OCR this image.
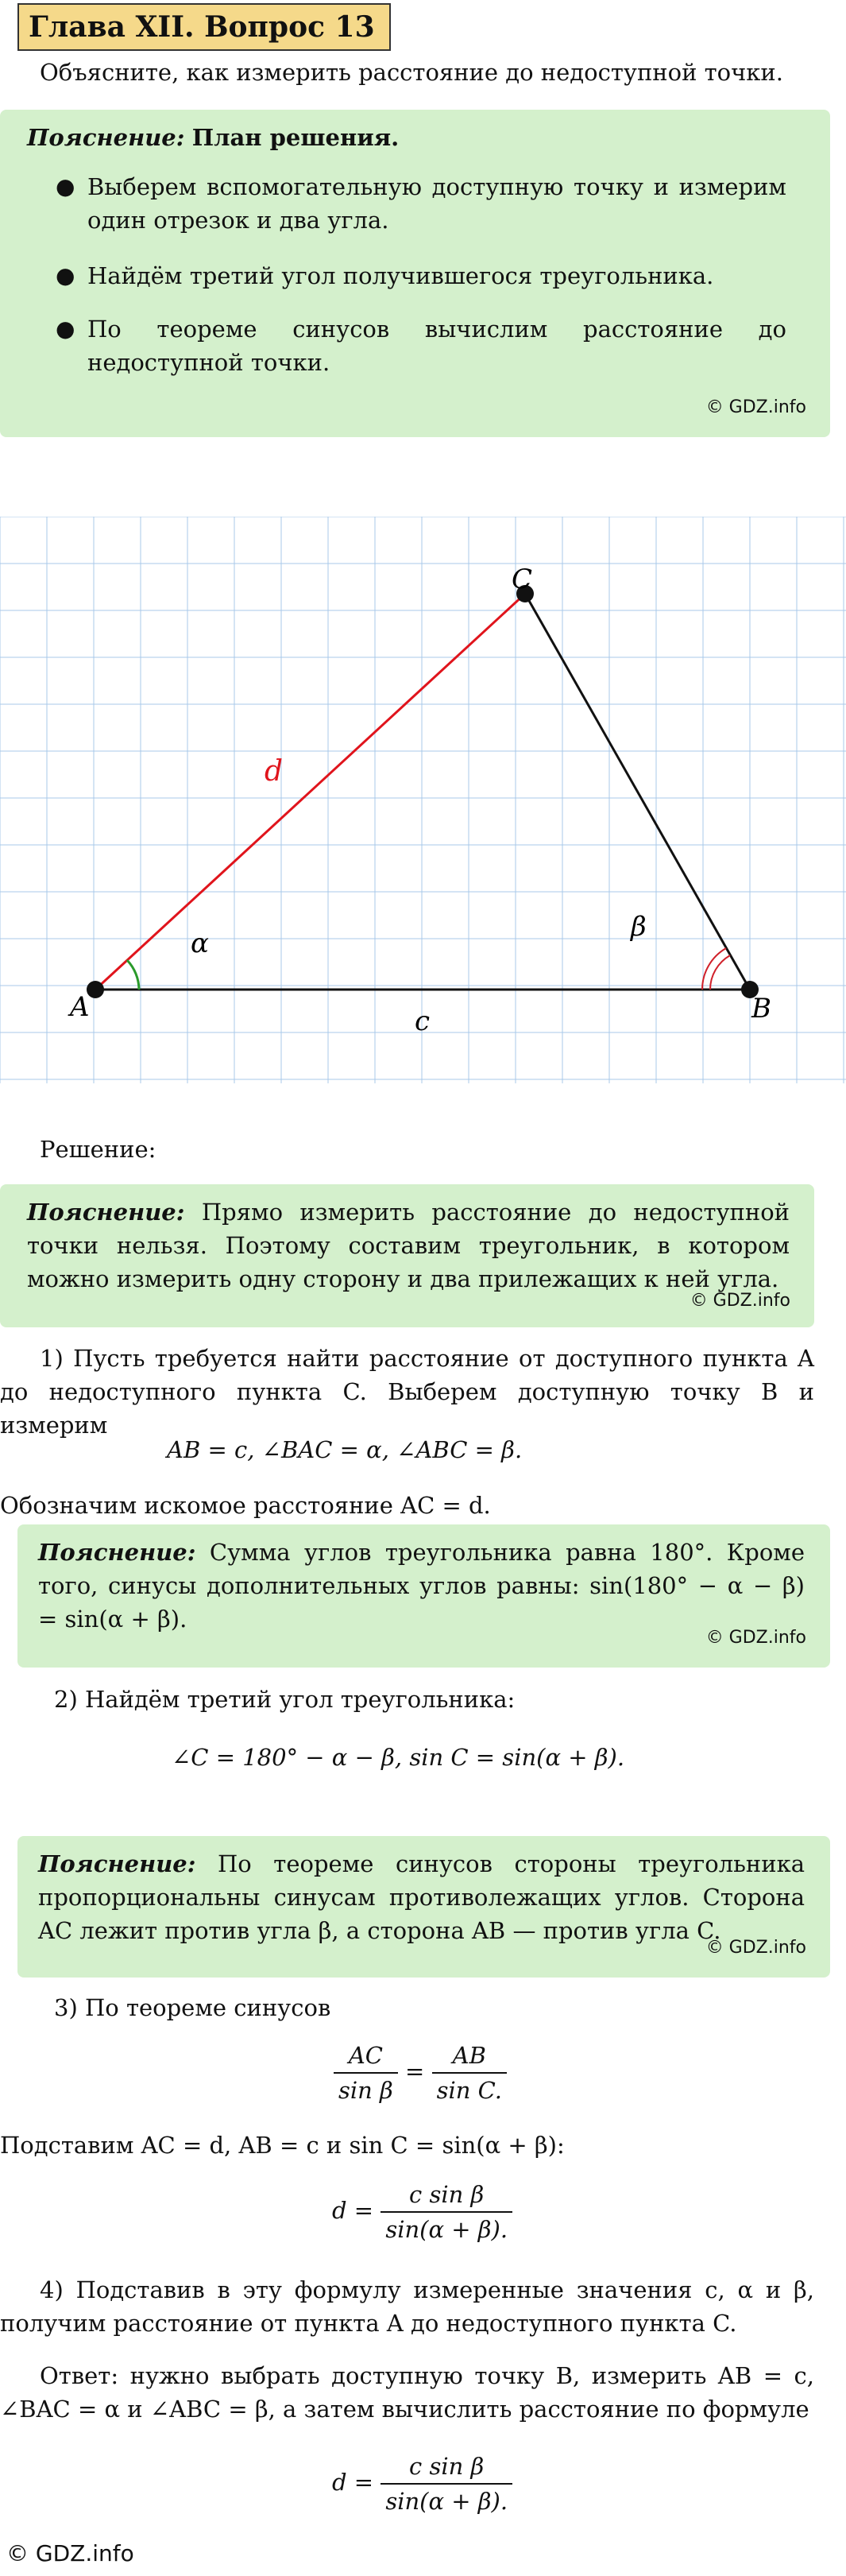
Глава XII. Вопрос 13
Объясните, как измерить расстояние до недоступной точки.
Пояснение: План решения.
● Выберем вспомогательную доступную точку и измерим один отрезок и два угла.
● Найдём третий угол получившегося треугольника.
● По теореме синусов вычислим расстояние до недоступной точки.
© GDZ.info
A	B
C
d
c
α
β
Решение:
Пояснение: Прямо измерить расстояние до недоступной точки нельзя. Поэтому составим треугольник, в котором можно измерить одну сторону и два прилежащих к ней угла.
© GDZ.info
1) Пусть требуется найти расстояние от доступного пункта A до недоступного пункта C. Выберем доступную точку B и измерим
AB = c, ∠BAC = α, ∠ABC = β.
Обозначим искомое расстояние AC = d.
Пояснение: Сумма углов треугольника равна 180°. Кроме того, синусы дополнительных углов равны: sin(180° − α − β) = sin(α + β).
© GDZ.info
2) Найдём третий угол треугольника:
∠C = 180° − α − β, sin C = sin(α + β).
Пояснение: По теореме синусов стороны треугольника пропорциональны синусам противолежащих углов. Сторона AC лежит против угла β, а сторона AB — против угла C.
© GDZ.info
3) По теореме синусов
$\frac{AC}{\text{sin β}} = \frac{AB}{\text{sin C.}}$
Подставим AC = d, AB = c и sin C = sin(α + β):
$d = \frac{\text{c sin β}}{\sin(\alpha + \beta).}$
4) Подставив в эту формулу измеренные значения c, α и β, получим расстояние от пункта A до недоступного пункта C.
Ответ: нужно выбрать доступную точку B, измерить AB = c, ∠BAC = α и ∠ABC = β, а затем вычислить расстояние по формуле
$d = \frac{\text{c sin β}}{\sin(\alpha + \beta).}$
© GDZ.info
